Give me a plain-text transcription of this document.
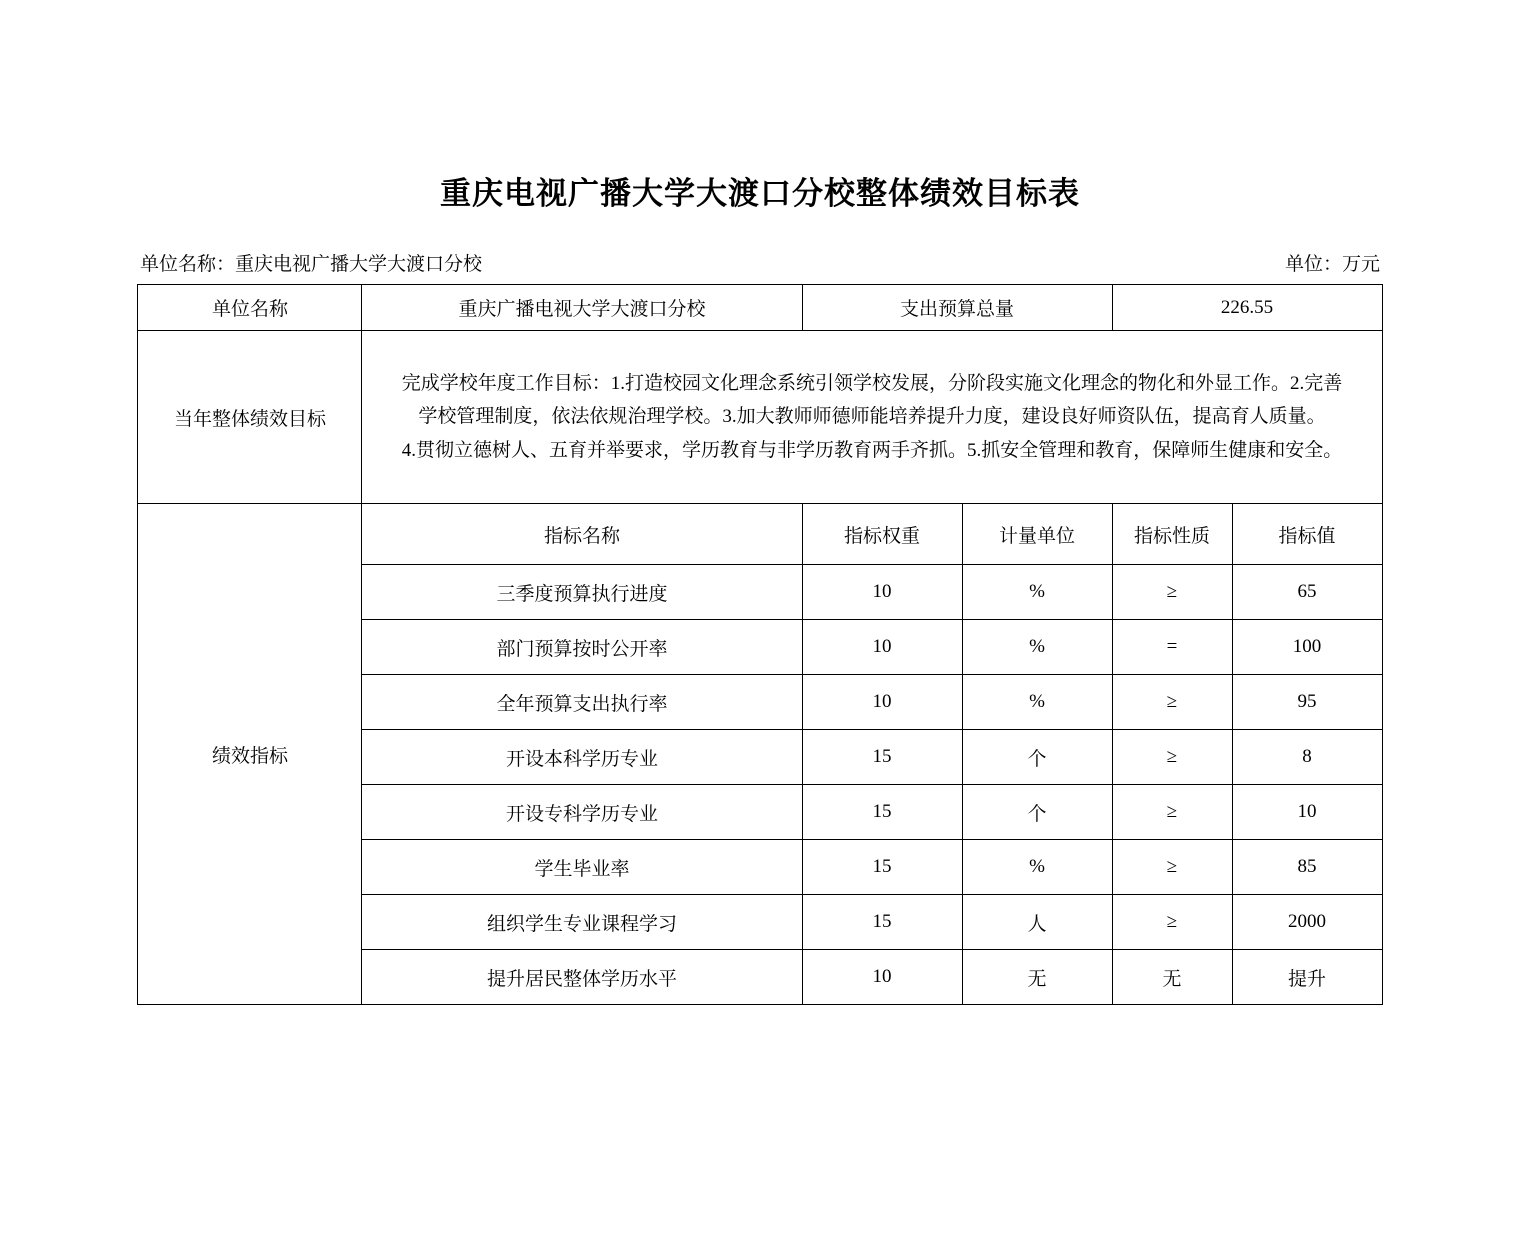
重庆电视广播大学大渡口分校整体绩效目标表
单位名称：重庆电视广播大学大渡口分校	单位：万元
单位名称	重庆广播电视大学大渡口分校	支出预算总量		226.55	
当年整体绩效目标	完成学校年度工作目标：1.打造校园文化理念系统引领学校发展，分阶段实施文化理念的物化和外显工作。2.完善

学校管理制度，依法依规治理学校。3.加大教师师德师能培养提升力度，建设良好师资队伍，提高育人质量。

4.贯彻立德树人、五育并举要求，学历教育与非学历教育两手齐抓。5.抓安全管理和教育，保障师生健康和安全。				

绩效指标	指标名称	指标权重	计量单位	指标性质	指标值
	三季度预算执行进度	10	%	≥	65
	部门预算按时公开率	10	%	=	100
	全年预算支出执行率	10	%	≥	95
	开设本科学历专业	15	个	≥	8
	开设专科学历专业	15	个	≥	10
	学生毕业率	15	%	≥	85
	组织学生专业课程学习	15	人	≥	2000
	提升居民整体学历水平	10	无	无	提升
